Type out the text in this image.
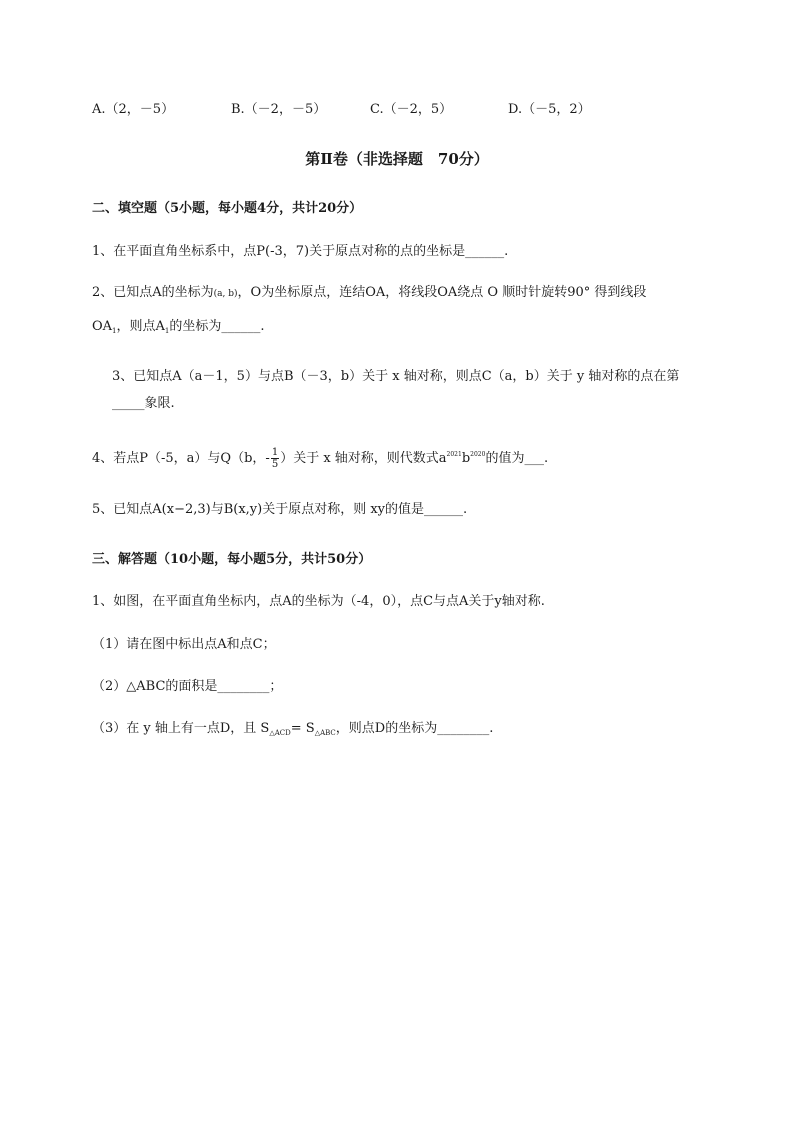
A.（2，－5）	B.（－2，－5）	C.（－2，5）	D.（－5，2）
第Ⅱ卷（非选择题　70分）
二、填空题（5小题，每小题4分，共计20分）
1、在平面直角坐标系中，点P(-3，7)关于原点对称的点的坐标是______.
2、已知点A的坐标为(a, b)，O为坐标原点，连结OA，将线段OA绕点 O 顺时针旋转90° 得到线段
$OA_1$，则点$A_1$的坐标为______.
3、已知点A（a－1，5）与点B（－3，b）关于 x 轴对称，则点C（a，b）关于 y 轴对称的点在第
_____象限.
4、若点P（-5，a）与Q（b，- $\frac{1}{5}$ ）关于 x 轴对称，则代数式$a^{2021}b^{2020}$的值为___.
5、已知点A(x−2,3)与B(x,y)关于原点对称，则 xy的值是______.
三、解答题（10小题，每小题5分，共计50分）
1、如图，在平面直角坐标内，点A的坐标为（-4，0），点C与点A关于y轴对称.
（1）请在图中标出点A和点C；
（2）△ABC的面积是________；
（3）在 y 轴上有一点D，且 $S_{\triangle ACD}= S_{\triangle ABC}$，则点D的坐标为________.
